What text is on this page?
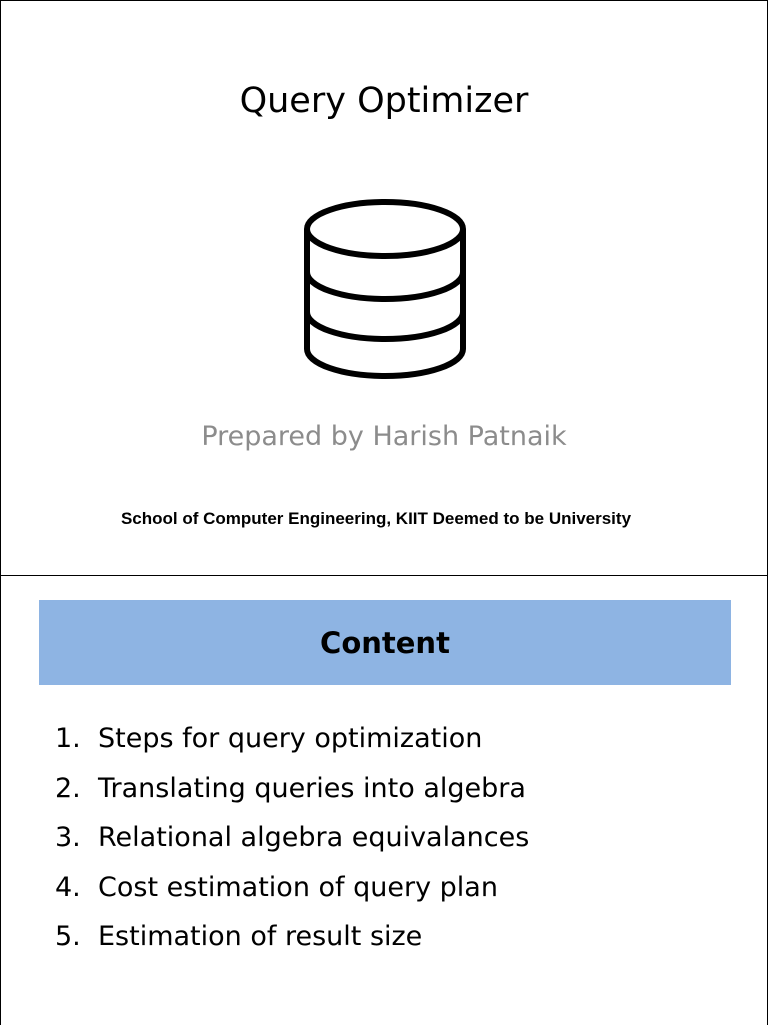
Query Optimizer

Prepared by Harish Patnaik

School of Computer Engineering, KIIT Deemed to be University

Content
1. Steps for query optimization
2. Translating queries into algebra
3. Relational algebra equivalances
4. Cost estimation of query plan
5. Estimation of result size
